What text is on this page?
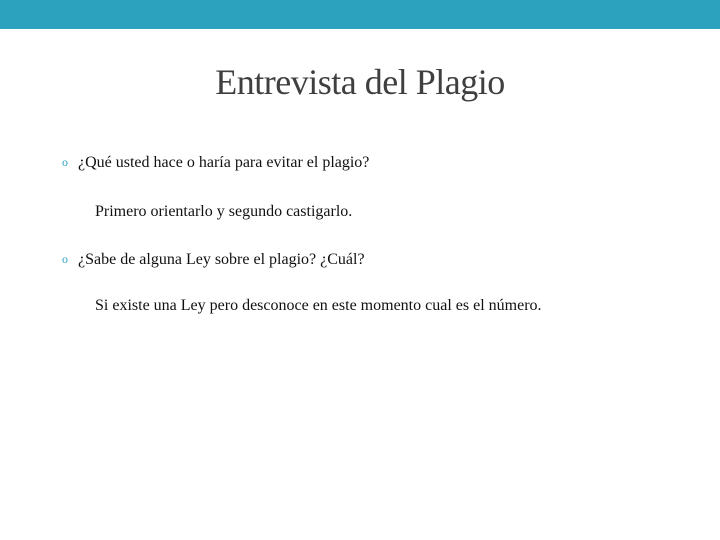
Entrevista del Plagio
o ¿Qué usted hace o haría para evitar el plagio?
Primero orientarlo y segundo castigarlo.
o ¿Sabe de alguna Ley sobre el plagio? ¿Cuál?
Si existe una Ley pero desconoce en este momento cual es el número.
